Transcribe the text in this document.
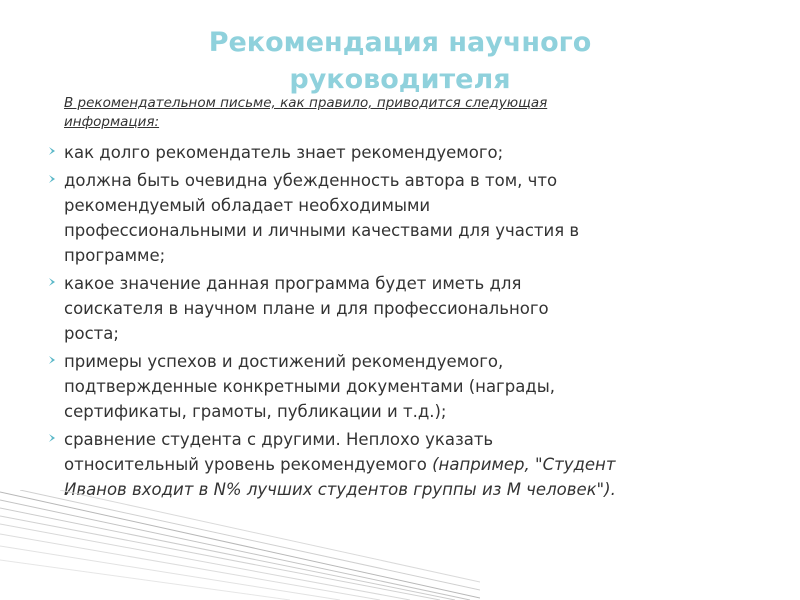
Рекомендация научного
руководителя
В рекомендательном письме, как правило, приводится следующая
информация:
как долго рекомендатель знает рекомендуемого;
должна быть очевидна убежденность автора в том, что
рекомендуемый обладает необходимыми
профессиональными и личными качествами для участия в
программе;
какое значение данная программа будет иметь для
соискателя в научном плане и для профессионального
роста;
примеры успехов и достижений рекомендуемого,
подтвержденные конкретными документами (награды,
сертификаты, грамоты, публикации и т.д.);
сравнение студента с другими. Неплохо указать
относительный уровень рекомендуемого (например, "Студент
Иванов входит в N% лучших студентов группы из M человек").
